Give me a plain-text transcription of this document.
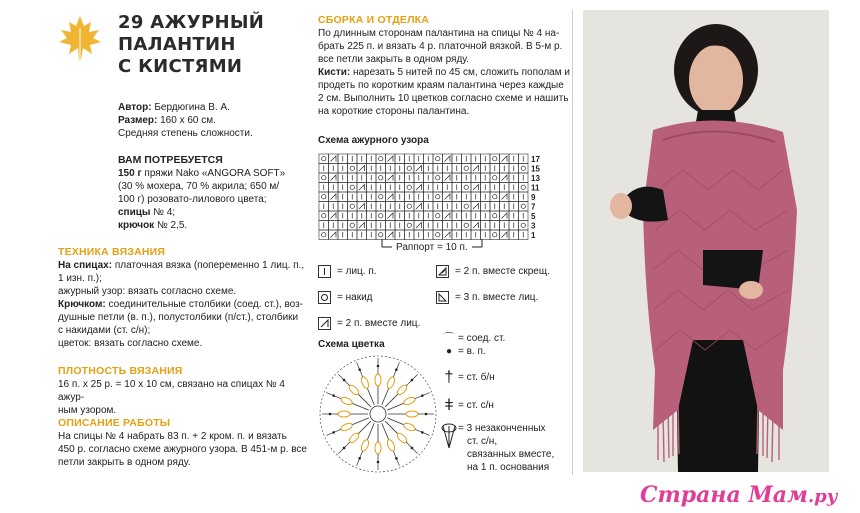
29 АЖУРНЫЙ
ПАЛАНТИН
С КИСТЯМИ

Автор: Бердюгина В. А.

Размер: 160 х 60 см.

Средняя степень сложности.

ВАМ ПОТРЕБУЕТСЯ

150 г пряжи Nako «ANGORA SOFT»

(30 % мохера, 70 % акрила; 650 м/

100 г) розовато-лилового цвета;

спицы № 4;

крючок № 2,5.

ТЕХНИКА ВЯЗАНИЯ

На спицах: платочная вязка (попеременно 1 лиц. п.,

1 изн. п.);

ажурный узор: вязать согласно схеме.

Крючком: соединительные столбики (соед. ст.), воз-

душные петли (в. п.), полустолбики (п/ст.), столбики

с накидами (ст. с/н);

цветок: вязать согласно схеме.

ПЛОТНОСТЬ ВЯЗАНИЯ

16 п. х 25 р. = 10 х 10 см, связано на спицах № 4 ажур-

ным узором.

ОПИСАНИЕ РАБОТЫ

На спицы № 4 набрать 83 п. + 2 кром. п. и вязать

450 р. согласно схеме ажурного узора. В 451-м р. все

петли закрыть в одном ряду.

СБОРКА И ОТДЕЛКА

По длинным сторонам палантина на спицы № 4 на-

брать 225 п. и вязать 4 р. платочной вязкой. В 5-м р.

все петли закрыть в одном ряду.

Кисти: нарезать 5 нитей по 45 см, сложить пополам и

продеть по коротким краям палантина через каждые

2 см. Выполнить 10 цветков согласно схеме и нашить

на короткие стороны палантина.

Схема ажурного узора
17
15
13
11
9
7
5
3
1
Раппорт = 10 п.
= лиц. п.
= накид
= 2 п. вместе лиц.
= 2 п. вместе скрещ.
= 3 п. вместе лиц.
Схема цветка
⌒ = соед. ст.
● = в. п.
† = ст. б/н
ǂ = ст. с/н
= 3 незаконченных
ст. с/н,
связанных вместе,
на 1 п. основания
Страна Мам.ру
